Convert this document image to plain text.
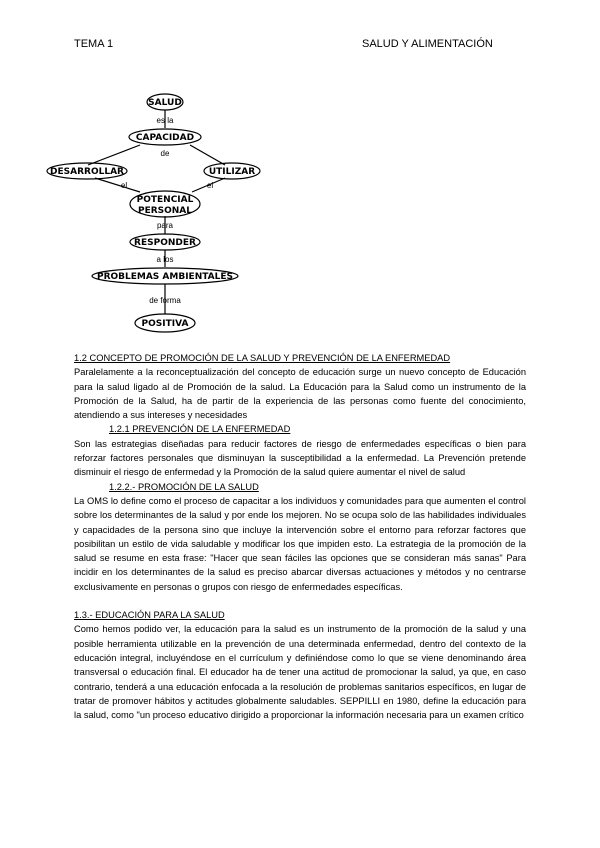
TEMA 1	SALUD Y ALIMENTACIÓN
SALUD
es la
CAPACIDAD
de
DESARROLLAR	UTILIZAR
el	el
POTENCIAL
PERSONAL
para
RESPONDER
a los
PROBLEMAS AMBIENTALES
de forma
POSITIVA
1.2 CONCEPTO DE PROMOCIÓN DE LA SALUD Y PREVENCIÓN DE LA ENFERMEDAD
Paralelamente a la reconceptualización del concepto de educación surge un nuevo concepto de Educación para la salud ligado al de Promoción de la salud. La Educación para la Salud como un instrumento de la Promoción de la Salud, ha de partir de la experiencia de las personas como fuente del conocimiento, atendiendo a sus intereses y necesidades
1.2.1 PREVENCIÓN DE LA ENFERMEDAD
Son las estrategias diseñadas para reducir factores de riesgo de enfermedades específicas o bien para reforzar factores personales que disminuyan la susceptibilidad a la enfermedad. La Prevención pretende disminuir el riesgo de enfermedad y la Promoción de la salud quiere aumentar el nivel de salud
1.2.2.- PROMOCIÓN DE LA SALUD
La OMS lo define como el proceso de capacitar a los individuos y comunidades para que aumenten el control sobre los determinantes de la salud y por ende los mejoren. No se ocupa solo de las habilidades individuales y capacidades de la persona sino que incluye la intervención sobre el entorno para reforzar factores que posibilitan un estilo de vida saludable y modificar los que impiden esto. La estrategia de la promoción de la salud se resume en esta frase: "Hacer que sean fáciles las opciones que se consideran más sanas" Para incidir en los determinantes de la salud es preciso abarcar diversas actuaciones y métodos y no centrarse exclusivamente en personas o grupos con riesgo de enfermedades específicas.
1.3.- EDUCACIÓN PARA LA SALUD
Como hemos podido ver, la educación para la salud es un instrumento de la promoción de la salud y una posible herramienta utilizable en la prevención de una determinada enfermedad, dentro del contexto de la educación integral, incluyéndose en el currículum y definiéndose como lo que se viene denominando área transversal o educación final. El educador ha de tener una actitud de promocionar la salud, ya que, en caso contrario, tenderá a una educación enfocada a la resolución de problemas sanitarios específicos, en lugar de tratar de promover hábitos y actitudes globalmente saludables. SEPPILLI en 1980, define la educación para la salud, como "un proceso educativo dirigido a proporcionar la información necesaria para un examen crítico
